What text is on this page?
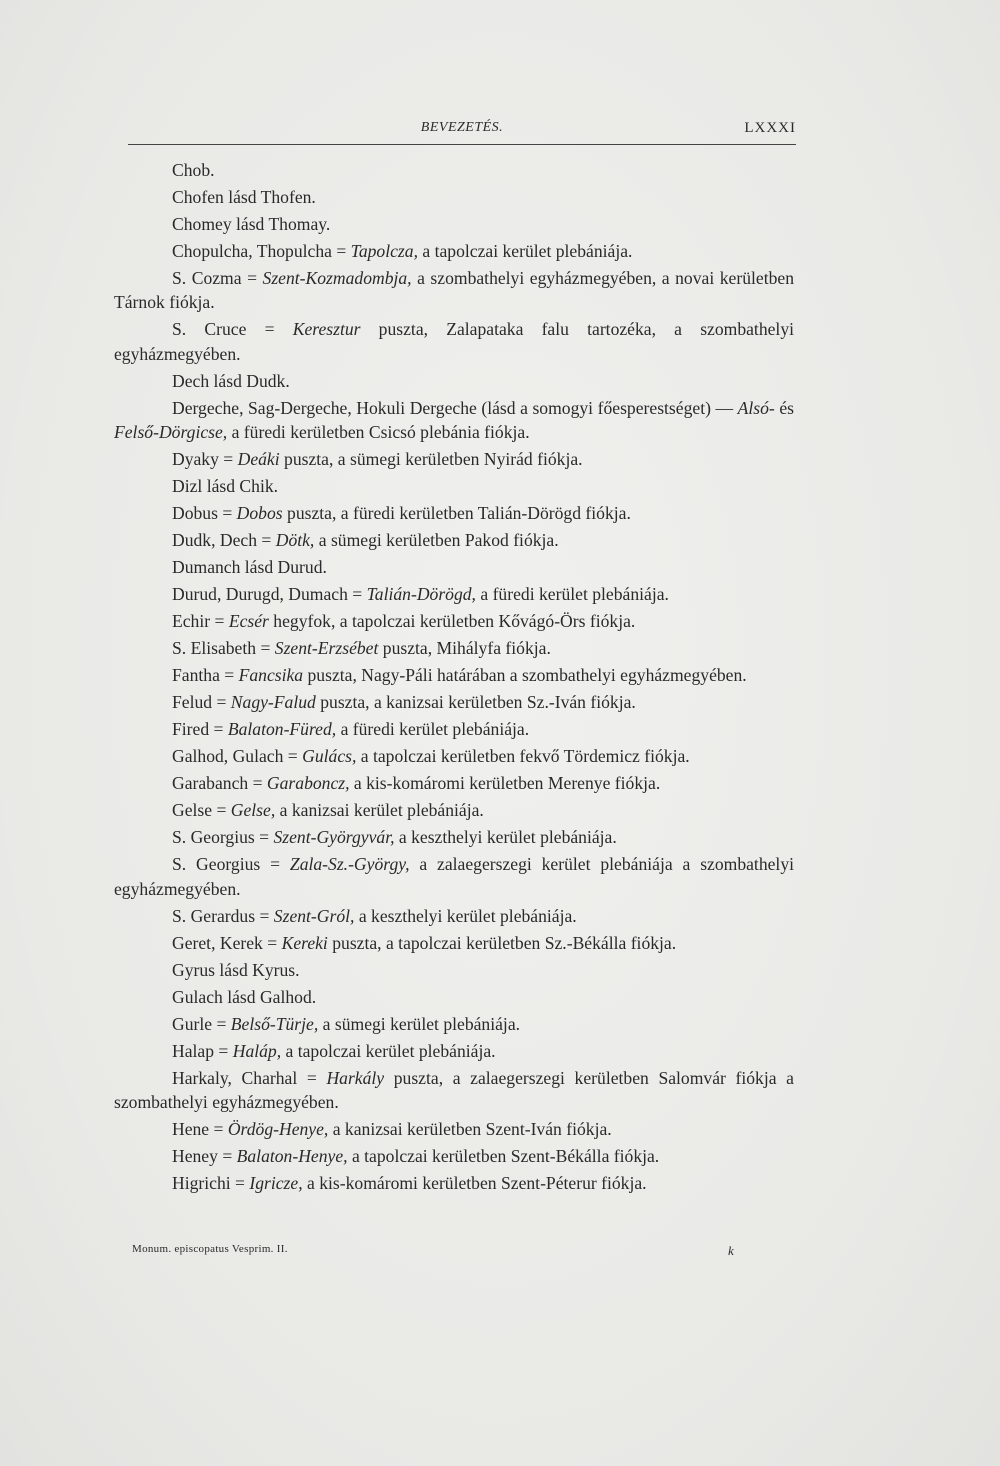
BEVEZETÉS.	LXXXI

Chob.

Chofen lásd Thofen.

Chomey lásd Thomay.

Chopulcha, Thopulcha = Tapolcza, a tapolczai kerület plebániája.

S. Cozma = Szent-Kozmadombja, a szombathelyi egyházmegyében, a novai kerületben Tárnok fiókja.

S. Cruce = Keresztur puszta, Zalapataka falu tartozéka, a szombathelyi egyházmegyében.

Dech lásd Dudk.

Dergeche, Sag-Dergeche, Hokuli Dergeche (lásd a somogyi főesperestséget) — Alsó- és Felső-Dörgicse, a füredi kerületben Csicsó plebánia fiókja.

Dyaky = Deáki puszta, a sümegi kerületben Nyirád fiókja.

Dizl lásd Chik.

Dobus = Dobos puszta, a füredi kerületben Talián-Dörögd fiókja.

Dudk, Dech = Dötk, a sümegi kerületben Pakod fiókja.

Dumanch lásd Durud.

Durud, Durugd, Dumach = Talián-Dörögd, a füredi kerület plebániája.

Echir = Ecsér hegyfok, a tapolczai kerületben Kővágó-Örs fiókja.

S. Elisabeth = Szent-Erzsébet puszta, Mihályfa fiókja.

Fantha = Fancsika puszta, Nagy-Páli határában a szombathelyi egyházmegyében.

Felud = Nagy-Falud puszta, a kanizsai kerületben Sz.-Iván fiókja.

Fired = Balaton-Füred, a füredi kerület plebániája.

Galhod, Gulach = Gulács, a tapolczai kerületben fekvő Tördemicz fiókja.

Garabanch = Garaboncz, a kis-komáromi kerületben Merenye fiókja.

Gelse = Gelse, a kanizsai kerület plebániája.

S. Georgius = Szent-Györgyvár, a keszthelyi kerület plebániája.

S. Georgius = Zala-Sz.-György, a zalaegerszegi kerület plebániája a szombathelyi egyházmegyében.

S. Gerardus = Szent-Gról, a keszthelyi kerület plebániája.

Geret, Kerek = Kereki puszta, a tapolczai kerületben Sz.-Békálla fiókja.

Gyrus lásd Kyrus.

Gulach lásd Galhod.

Gurle = Belső-Türje, a sümegi kerület plebániája.

Halap = Haláp, a tapolczai kerület plebániája.

Harkaly, Charhal = Harkály puszta, a zalaegerszegi kerületben Salomvár fiókja a szombathelyi egyházmegyében.

Hene = Ördög-Henye, a kanizsai kerületben Szent-Iván fiókja.

Heney = Balaton-Henye, a tapolczai kerületben Szent-Békálla fiókja.

Higrichi = Igricze, a kis-komáromi kerületben Szent-Péterur fiókja.

Monum. episcopatus Vesprim. II.	k
